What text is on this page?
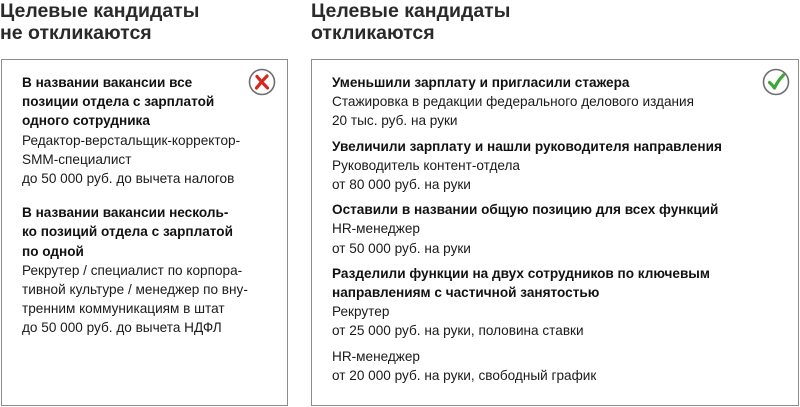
Целевые кандидаты
не откликаются
Целевые кандидаты
откликаются
В названии вакансии все
позиции отдела с зарплатой
одного сотрудника
Редактор-верстальщик-корректор-
SMM-специалист
до 50 000 руб. до вычета налогов
В названии вакансии несколь-
ко позиций отдела с зарплатой
по одной
Рекрутер / специалист по корпора-
тивной культуре / менеджер по вну-
тренним коммуникациям в штат
до 50 000 руб. до вычета НДФЛ
Уменьшили зарплату и пригласили стажера
Стажировка в редакции федерального делового издания
20 тыс. руб. на руки
Увеличили зарплату и нашли руководителя направления
Руководитель контент-отдела
от 80 000 руб. на руки
Оставили в названии общую позицию для всех функций
HR-менеджер
от 50 000 руб. на руки
Разделили функции на двух сотрудников по ключевым
направлениям с частичной занятостью
Рекрутер
от 25 000 руб. на руки, половина ставки
HR-менеджер
от 20 000 руб. на руки, свободный график
